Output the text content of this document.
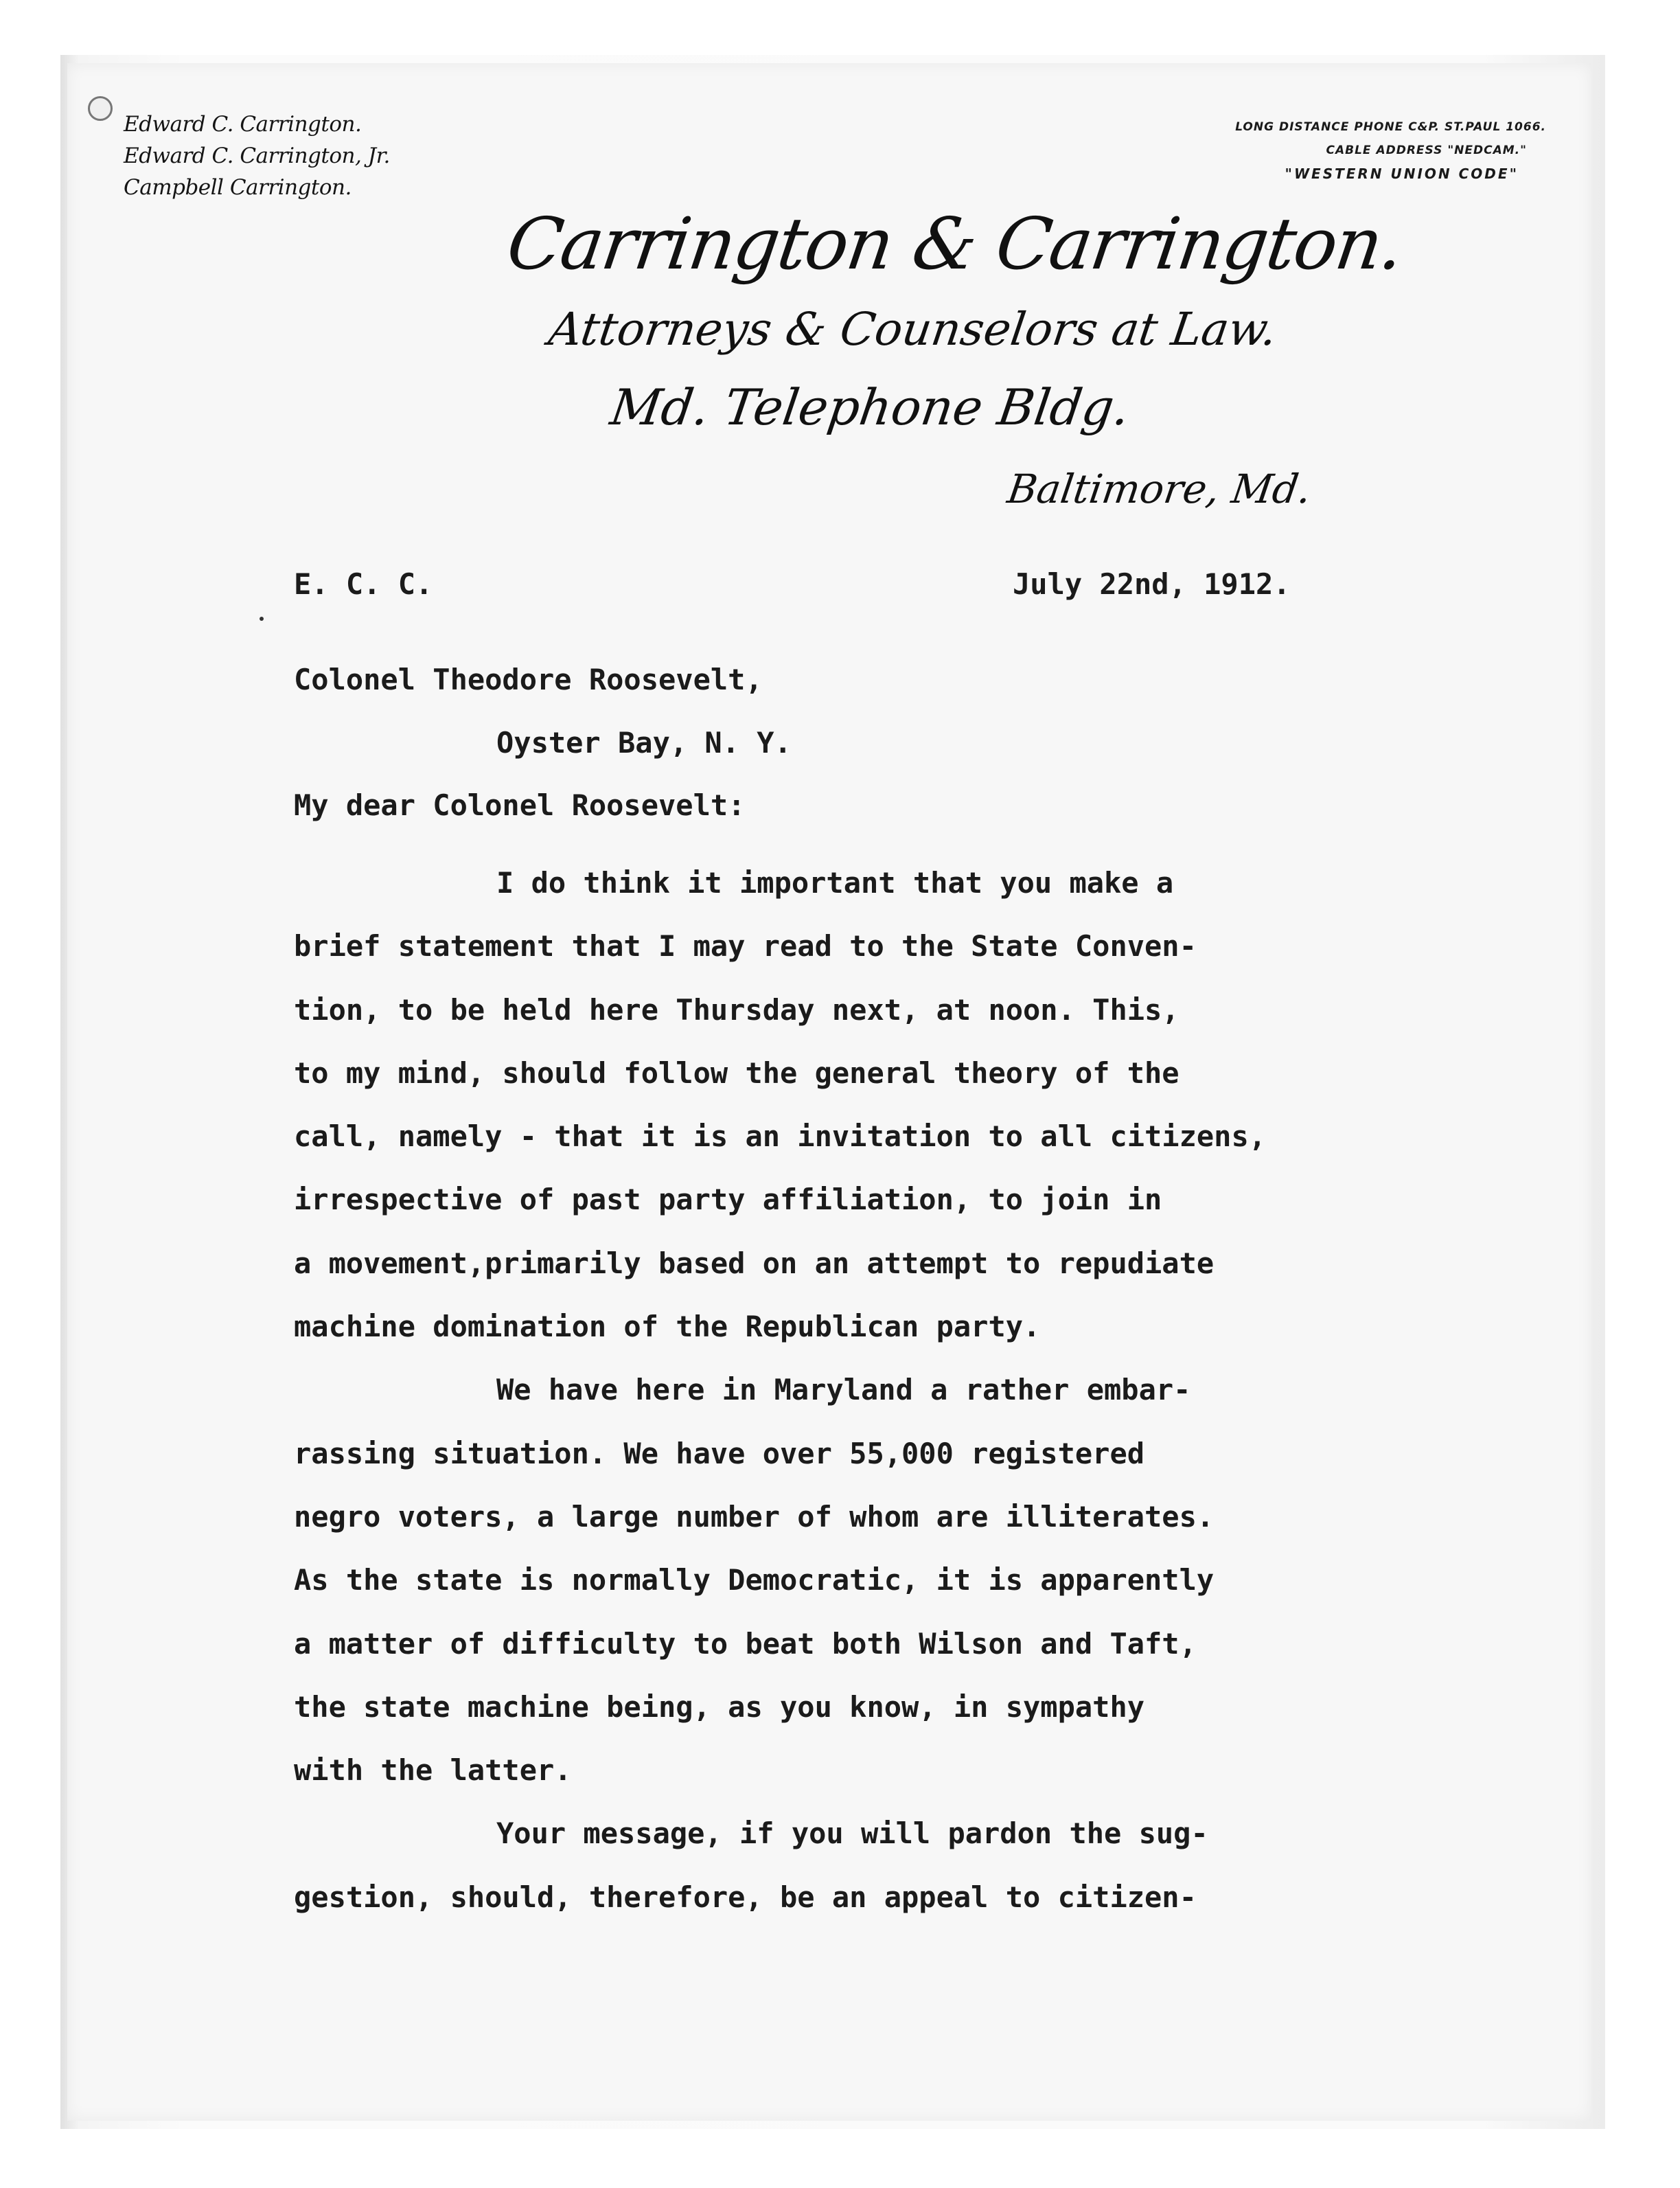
Edward C. Carrington.
Edward C. Carrington, Jr.
Campbell Carrington.
LONG DISTANCE PHONE C&P. ST.PAUL 1066.
CABLE ADDRESS "NEDCAM."
"WESTERN UNION CODE"
Carrington & Carrington.
Attorneys & Counselors at Law.
Md. Telephone Bldg.
Baltimore, Md.
E. C. C.	July 22nd, 1912.
Colonel Theodore Roosevelt,
Oyster Bay, N. Y.
My dear Colonel Roosevelt:
I do think it important that you make a
brief statement that I may read to the State Conven-
tion, to be held here Thursday next, at noon. This,
to my mind, should follow the general theory of the
call, namely - that it is an invitation to all citizens,
irrespective of past party affiliation, to join in
a movement,primarily based on an attempt to repudiate
machine domination of the Republican party.
We have here in Maryland a rather embar-
rassing situation. We have over 55,000 registered
negro voters, a large number of whom are illiterates.
As the state is normally Democratic, it is apparently
a matter of difficulty to beat both Wilson and Taft,
the state machine being, as you know, in sympathy
with the latter.
Your message, if you will pardon the sug-
gestion, should, therefore, be an appeal to citizen-
